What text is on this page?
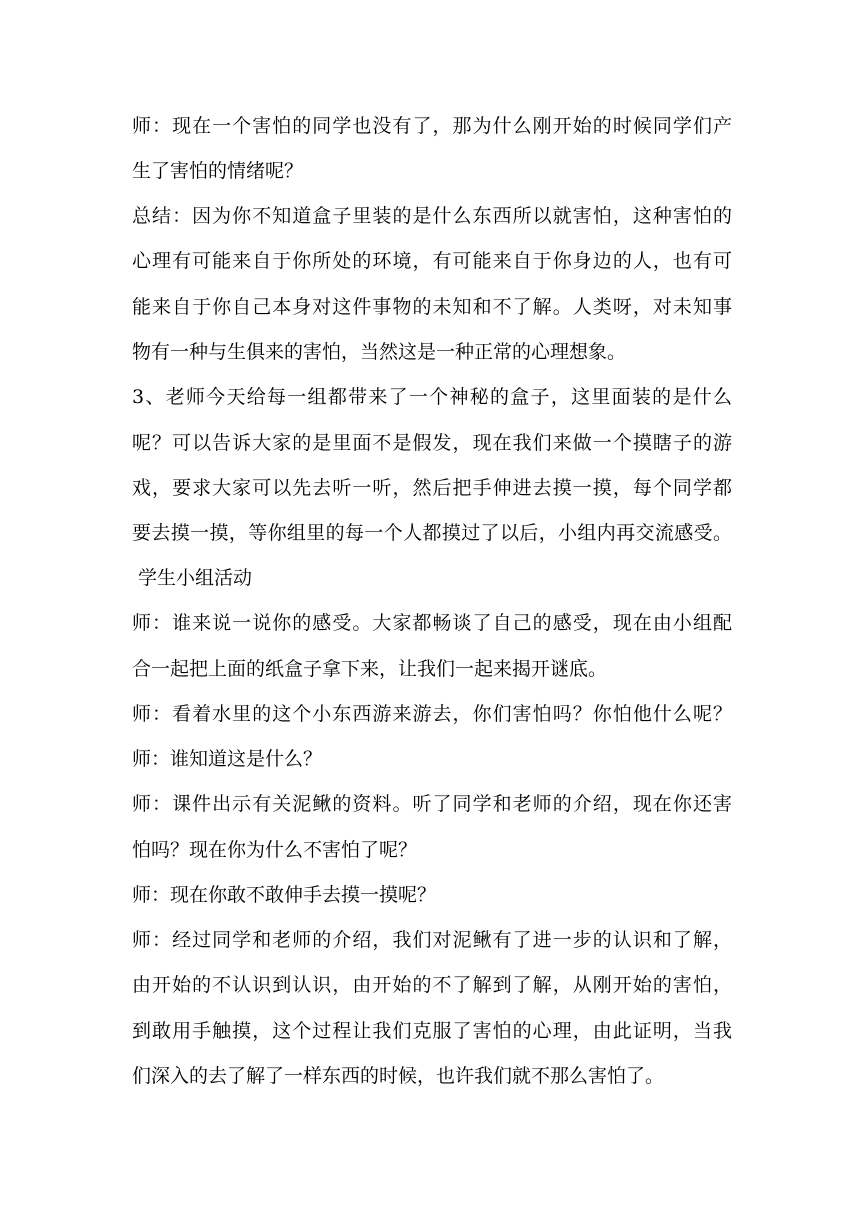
师：现在一个害怕的同学也没有了，那为什么刚开始的时候同学们产
生了害怕的情绪呢？
总结：因为你不知道盒子里装的是什么东西所以就害怕，这种害怕的
心理有可能来自于你所处的环境，有可能来自于你身边的人，也有可
能来自于你自己本身对这件事物的未知和不了解。人类呀，对未知事
物有一种与生俱来的害怕，当然这是一种正常的心理想象。
3、老师今天给每一组都带来了一个神秘的盒子，这里面装的是什么
呢？可以告诉大家的是里面不是假发，现在我们来做一个摸瞎子的游
戏，要求大家可以先去听一听，然后把手伸进去摸一摸，每个同学都
要去摸一摸，等你组里的每一个人都摸过了以后，小组内再交流感受。
学生小组活动
师：谁来说一说你的感受。大家都畅谈了自己的感受，现在由小组配
合一起把上面的纸盒子拿下来，让我们一起来揭开谜底。
师：看着水里的这个小东西游来游去，你们害怕吗？你怕他什么呢？
师：谁知道这是什么？
师：课件出示有关泥鳅的资料。听了同学和老师的介绍，现在你还害
怕吗？现在你为什么不害怕了呢？
师：现在你敢不敢伸手去摸一摸呢？
师：经过同学和老师的介绍，我们对泥鳅有了进一步的认识和了解，
由开始的不认识到认识，由开始的不了解到了解，从刚开始的害怕，
到敢用手触摸，这个过程让我们克服了害怕的心理，由此证明，当我
们深入的去了解了一样东西的时候，也许我们就不那么害怕了。
